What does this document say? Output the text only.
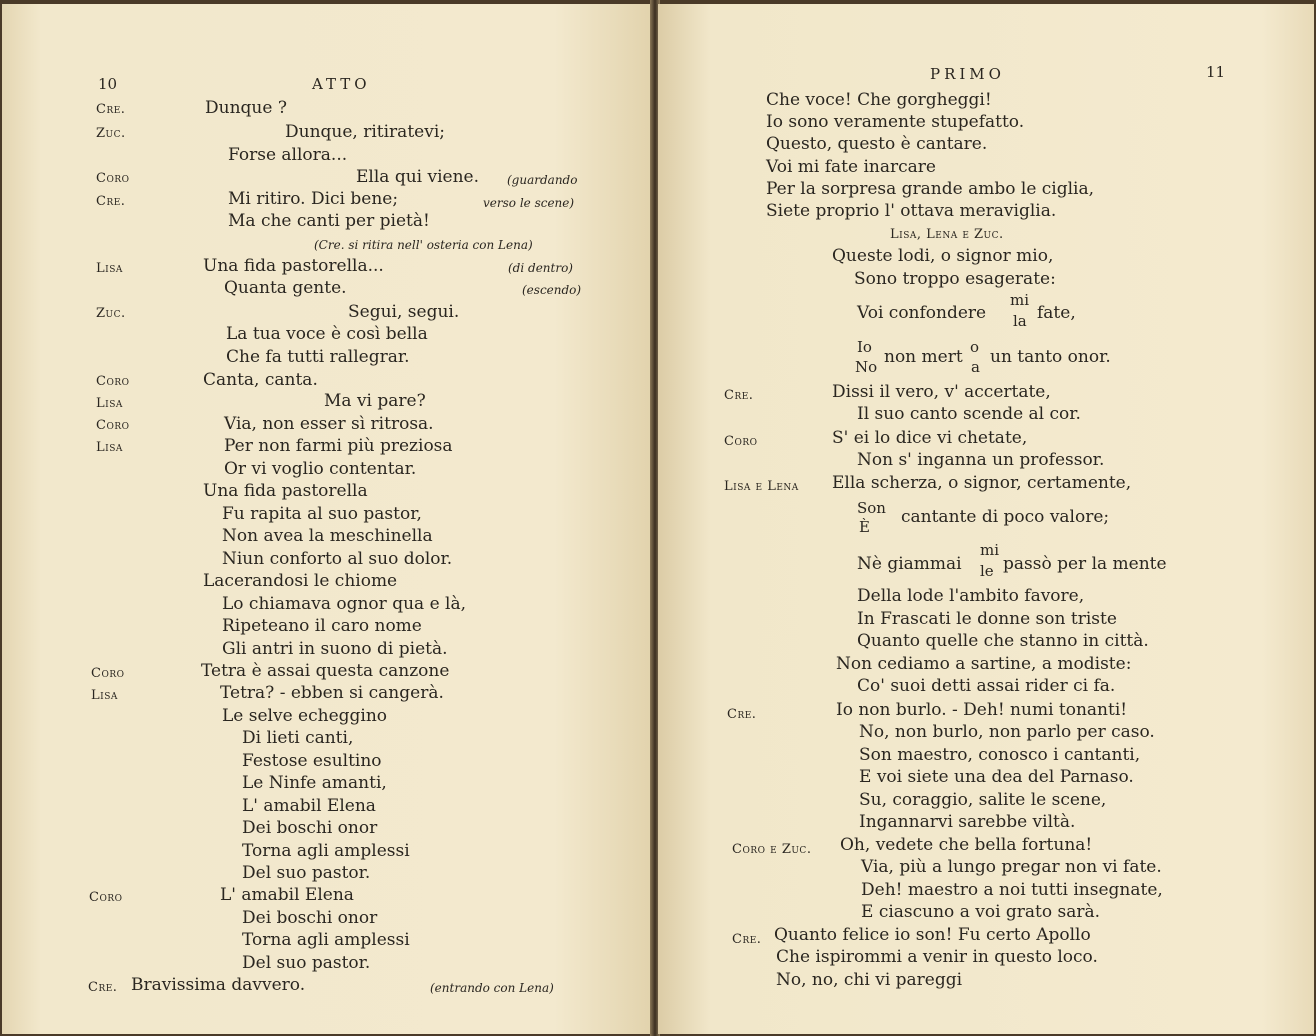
10	ATTO
Cre.	Dunque ?
Zuc.	Dunque, ritiratevi;
Forse allora...
Coro	Ella qui viene. (guardando
Cre.	Mi ritiro. Dici bene;	verso le scene)
Ma che canti per pietà!
(Cre. si ritira nell' osteria con Lena)
Lisa	Una fida pastorella...	(di dentro)
Quanta gente.	(escendo)
Zuc.	Segui, segui.
La tua voce è così bella
Che fa tutti rallegrar.
Coro	Canta, canta.
Lisa	Ma vi pare?
Coro	Via, non esser sì ritrosa.
Lisa	Per non farmi più preziosa
Or vi voglio contentar.
Una fida pastorella
Fu rapita al suo pastor,
Non avea la meschinella
Niun conforto al suo dolor.
Lacerandosi le chiome
Lo chiamava ognor qua e là,
Ripeteano il caro nome
Gli antri in suono di pietà.
Coro	Tetra è assai questa canzone
Lisa	Tetra? - ebben si cangerà.
Le selve echeggino
Di lieti canti,
Festose esultino
Le Ninfe amanti,
L' amabil Elena
Dei boschi onor
Torna agli amplessi
Del suo pastor.
Coro	L' amabil Elena
Dei boschi onor
Torna agli amplessi
Del suo pastor.
Cre. Bravissima davvero.	(entrando con Lena)
PRIMO	11
Che voce! Che gorgheggi!
Io sono veramente stupefatto.
Questo, questo è cantare.
Voi mi fate inarcare
Per la sorpresa grande ambo le ciglia,
Siete proprio l' ottava meraviglia.
Lisa, Lena e Zuc.
Queste lodi, o signor mio,
Sono troppo esagerate:
Voi confondere
mi
la fate,
Io
No non mert o
a un tanto onor.
Cre.	Dissi il vero, v' accertate,
Il suo canto scende al cor.
Coro	S' ei lo dice vi chetate,
Non s' inganna un professor.
Lisa e Lena Ella scherza, o signor, certamente,
Son
È cantante di poco valore;
Nè giammai
mi
le passò per la mente
Della lode l'ambito favore,
In Frascati le donne son triste
Quanto quelle che stanno in città.
Non cediamo a sartine, a modiste:
Co' suoi detti assai rider ci fa.
Cre.	Io non burlo. - Deh! numi tonanti!
No, non burlo, non parlo per caso.
Son maestro, conosco i cantanti,
E voi siete una dea del Parnaso.
Su, coraggio, salite le scene,
Ingannarvi sarebbe viltà.
Coro e Zuc. Oh, vedete che bella fortuna!
Via, più a lungo pregar non vi fate.
Deh! maestro a noi tutti insegnate,
E ciascuno a voi grato sarà.
Cre. Quanto felice io son! Fu certo Apollo
Che ispirommi a venir in questo loco.
No, no, chi vi pareggi
